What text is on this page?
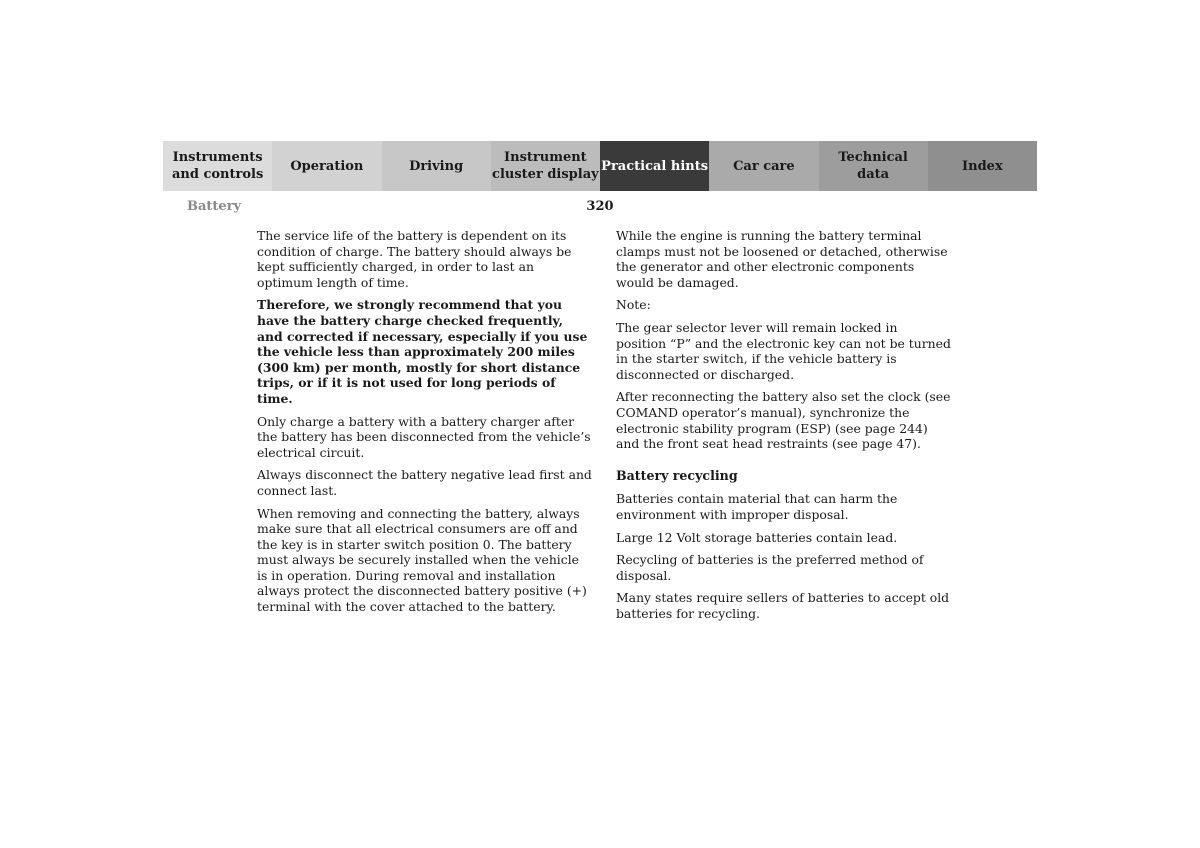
Instruments
and controls
Operation	Driving
Instrument
cluster display
Practical hints	Car care
Technical
data
Index
Battery	320

The service life of the battery is dependent on its condition of charge. The battery should always be kept sufficiently charged, in order to last an optimum length of time.

Therefore, we strongly recommend that you have the battery charge checked frequently, and corrected if necessary, especially if you use the vehicle less than approximately 200 miles (300 km) per month, mostly for short distance trips, or if it is not used for long periods of time.

Only charge a battery with a battery charger after the battery has been disconnected from the vehicle’s electrical circuit.

Always disconnect the battery negative lead first and connect last.

When removing and connecting the battery, always make sure that all electrical consumers are off and the key is in starter switch position 0. The battery must always be securely installed when the vehicle is in operation. During removal and installation always protect the disconnected battery positive (+) terminal with the cover attached to the battery.

While the engine is running the battery terminal clamps must not be loosened or detached, otherwise the generator and other electronic components would be damaged.

Note:

The gear selector lever will remain locked in position “P” and the electronic key can not be turned in the starter switch, if the vehicle battery is disconnected or discharged.

After reconnecting the battery also set the clock (see COMAND operator’s manual), synchronize the electronic stability program (ESP) (see page 244) and the front seat head restraints (see page 47).

Battery recycling

Batteries contain material that can harm the environment with improper disposal.

Large 12 Volt storage batteries contain lead.

Recycling of batteries is the preferred method of disposal.

Many states require sellers of batteries to accept old batteries for recycling.
